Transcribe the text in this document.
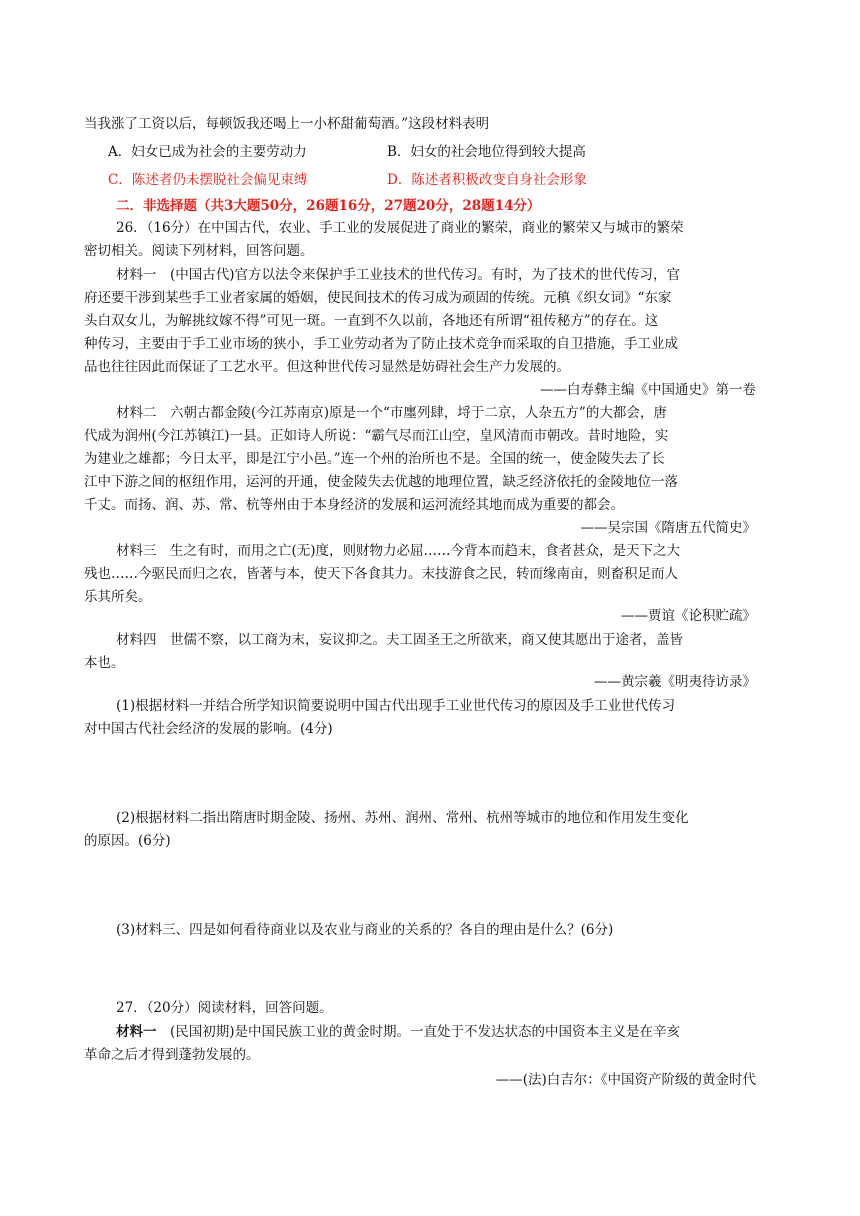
当我涨了工资以后，每顿饭我还喝上一小杯甜葡萄酒。”这段材料表明
A．妇女已成为社会的主要劳动力	B．妇女的社会地位得到较大提高
C．陈述者仍未摆脱社会偏见束缚	D．陈述者积极改变自身社会形象
二．非选择题（共3大题50分，26题16分，27题20分，28题14分）
26．（16分）在中国古代，农业、手工业的发展促进了商业的繁荣，商业的繁荣又与城市的繁荣
密切相关。阅读下列材料，回答问题。
材料一　(中国古代)官方以法令来保护手工业技术的世代传习。有时，为了技术的世代传习，官
府还要干涉到某些手工业者家属的婚姻，使民间技术的传习成为顽固的传统。元稹《织女词》“东家
头白双女儿，为解挑纹嫁不得”可见一斑。一直到不久以前，各地还有所谓“祖传秘方”的存在。这
种传习，主要由于手工业市场的狭小，手工业劳动者为了防止技术竞争而采取的自卫措施，手工业成
品也往往因此而保证了工艺水平。但这种世代传习显然是妨碍社会生产力发展的。
——白寿彝主编《中国通史》第一卷
材料二　六朝古都金陵(今江苏南京)原是一个“市廛列肆，埒于二京，人杂五方”的大都会，唐
代成为润州(今江苏镇江)一县。正如诗人所说：“霸气尽而江山空，皇风清而市朝改。昔时地险，实
为建业之雄都；今日太平，即是江宁小邑。”连一个州的治所也不是。全国的统一，使金陵失去了长
江中下游之间的枢纽作用，运河的开通，使金陵失去优越的地理位置，缺乏经济依托的金陵地位一落
千丈。而扬、润、苏、常、杭等州由于本身经济的发展和运河流经其地而成为重要的都会。
——吴宗国《隋唐五代简史》
材料三　生之有时，而用之亡(无)度，则财物力必屈……今背本而趋末，食者甚众，是天下之大
残也……今驱民而归之农，皆著与本，使天下各食其力。末技游食之民，转而缘南亩，则畜积足而人
乐其所矣。
——贾谊《论积贮疏》
材料四　世儒不察，以工商为末，妄议抑之。夫工固圣王之所欲来，商又使其愿出于途者，盖皆
本也。
——黄宗羲《明夷待访录》
(1)根据材料一并结合所学知识简要说明中国古代出现手工业世代传习的原因及手工业世代传习
对中国古代社会经济的发展的影响。(4分)
(2)根据材料二指出隋唐时期金陵、扬州、苏州、润州、常州、杭州等城市的地位和作用发生变化
的原因。(6分)
(3)材料三、四是如何看待商业以及农业与商业的关系的？各自的理由是什么？(6分)
27．（20分）阅读材料，回答问题。
材料一　(民国初期)是中国民族工业的黄金时期。一直处于不发达状态的中国资本主义是在辛亥
革命之后才得到蓬勃发展的。
——(法)白吉尔：《中国资产阶级的黄金时代
